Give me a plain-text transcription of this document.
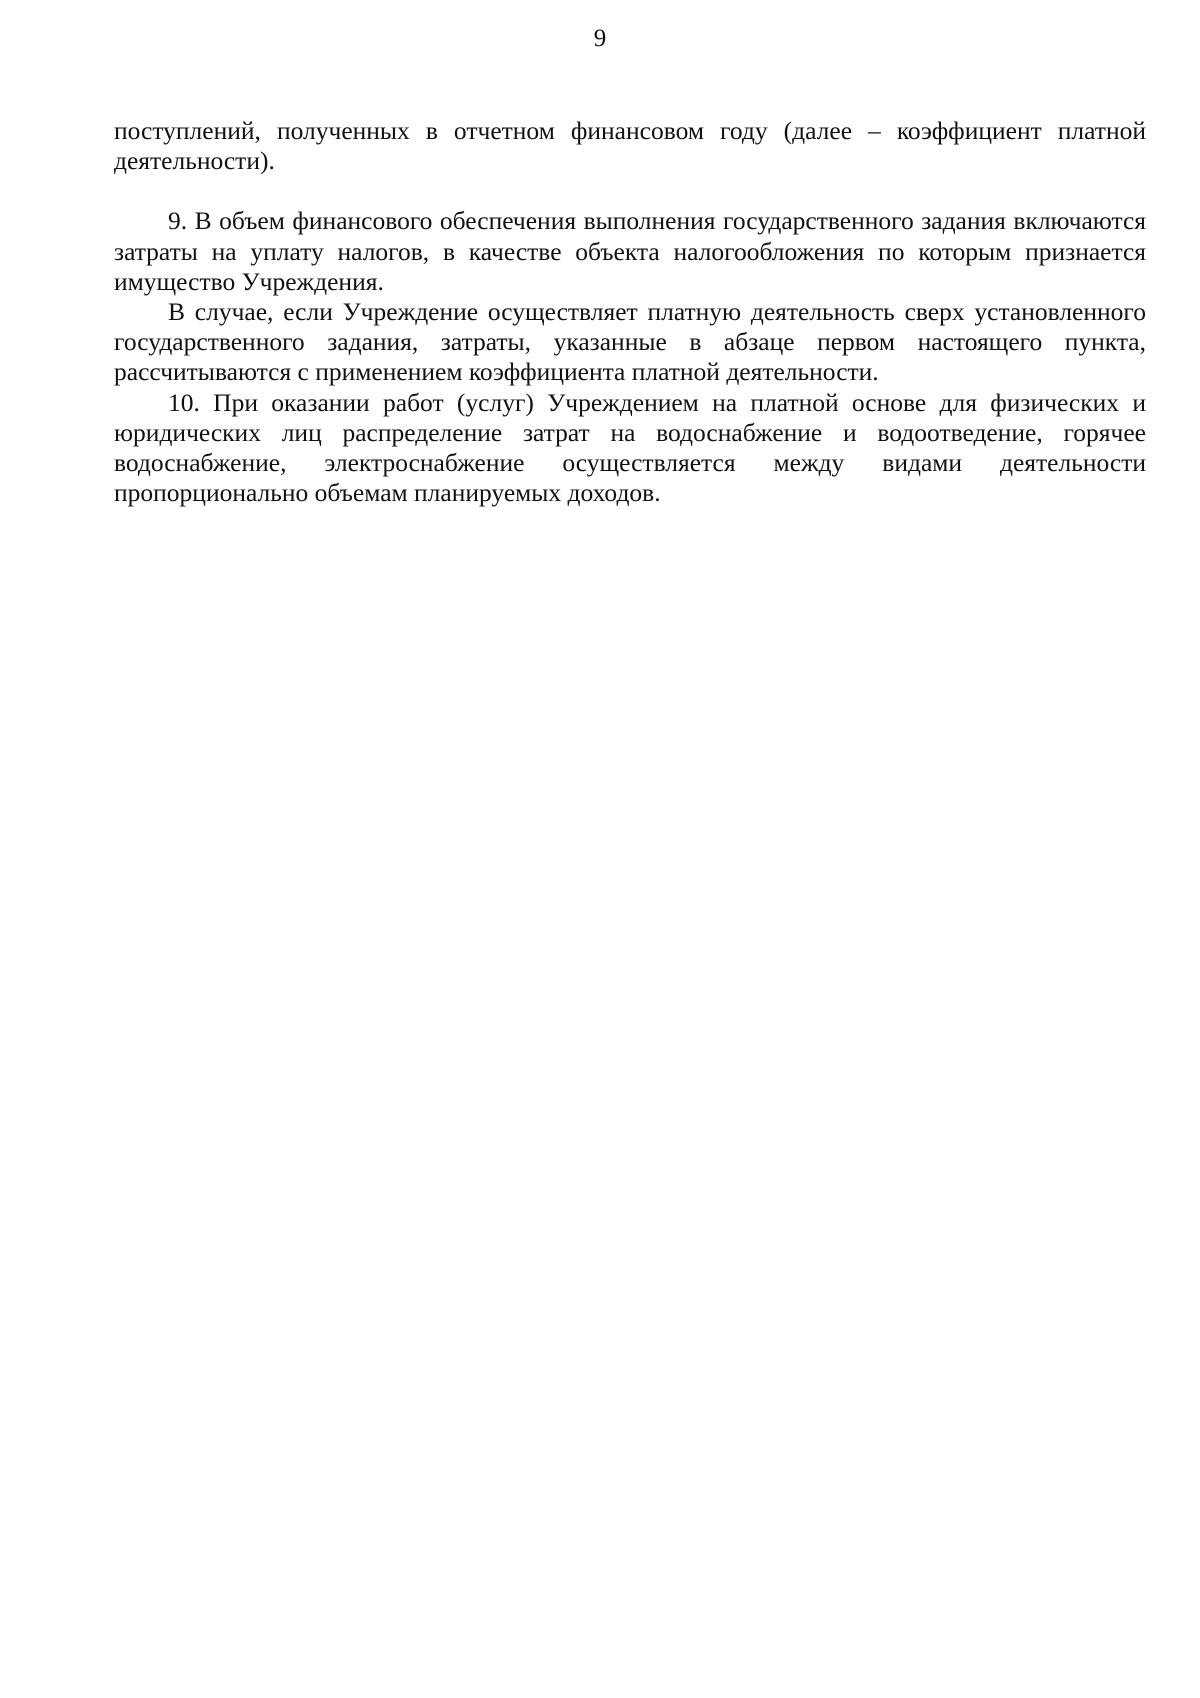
9

поступлений, полученных в отчетном финансовом году (далее – коэффициент платной деятельности).

9. В объем финансового обеспечения выполнения государственного задания включаются затраты на уплату налогов, в качестве объекта налогообложения по которым признается имущество Учреждения.

В случае, если Учреждение осуществляет платную деятельность сверх установленного государственного задания, затраты, указанные в абзаце первом настоящего пункта, рассчитываются с применением коэффициента платной деятельности.

10. При оказании работ (услуг) Учреждением на платной основе для физических и юридических лиц распределение затрат на водоснабжение и водоотведение, горячее водоснабжение, электроснабжение осуществляется между видами деятельности пропорционально объемам планируемых доходов.
